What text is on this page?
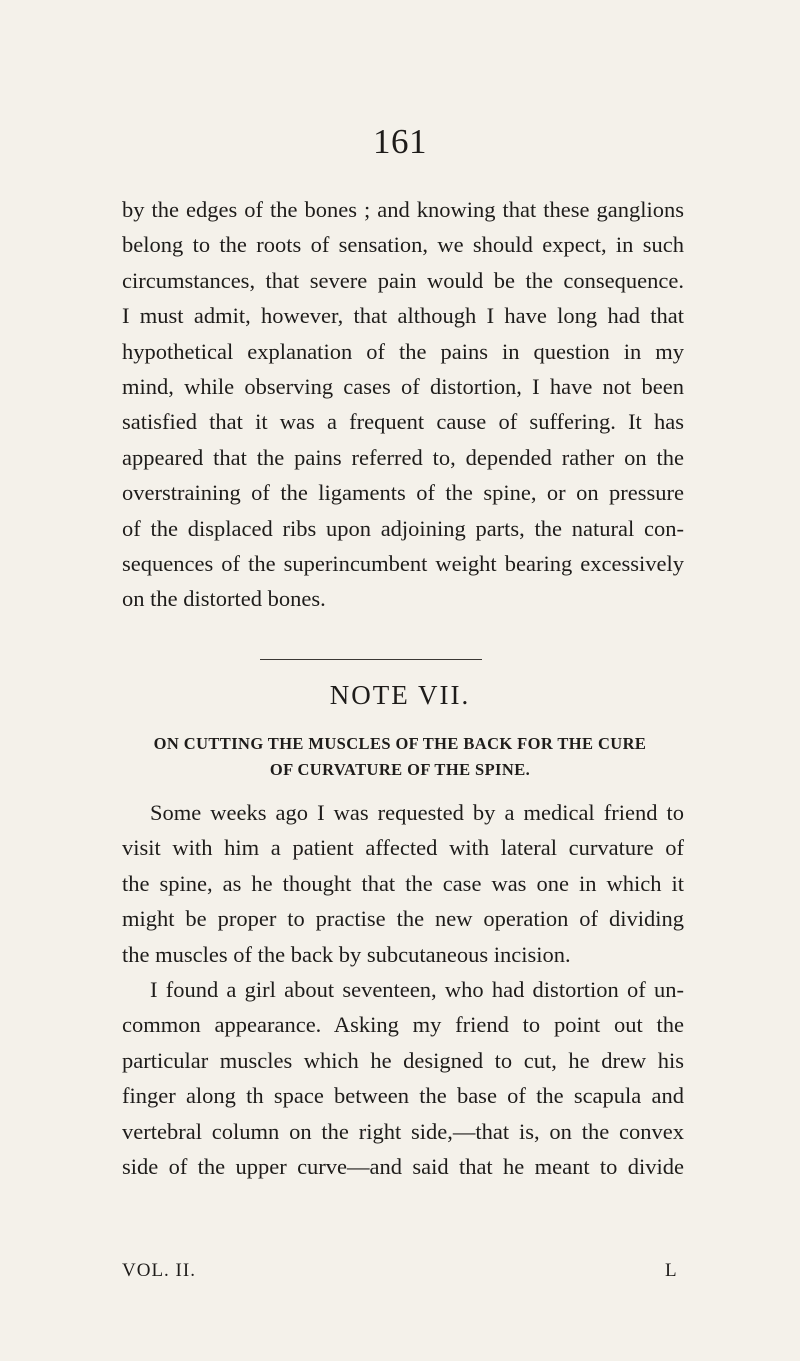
161
by the edges of the bones ; and knowing that these ganglions
belong to the roots of sensation, we should expect, in such
circumstances, that severe pain would be the consequence.
I must admit, however, that although I have long had that
hypothetical explanation of the pains in question in my
mind, while observing cases of distortion, I have not been
satisfied that it was a frequent cause of suffering. It has
appeared that the pains referred to, depended rather on the
overstraining of the ligaments of the spine, or on pressure
of the displaced ribs upon adjoining parts, the natural con-
sequences of the superincumbent weight bearing excessively
on the distorted bones.
NOTE VII.
ON CUTTING THE MUSCLES OF THE BACK FOR THE CURE
OF CURVATURE OF THE SPINE.
Some weeks ago I was requested by a medical friend to
visit with him a patient affected with lateral curvature of
the spine, as he thought that the case was one in which it
might be proper to practise the new operation of dividing
the muscles of the back by subcutaneous incision.
I found a girl about seventeen, who had distortion of un-
common appearance. Asking my friend to point out the
particular muscles which he designed to cut, he drew his
finger along th space between the base of the scapula and
vertebral column on the right side,—that is, on the convex
side of the upper curve—and said that he meant to divide
VOL. II.	L
